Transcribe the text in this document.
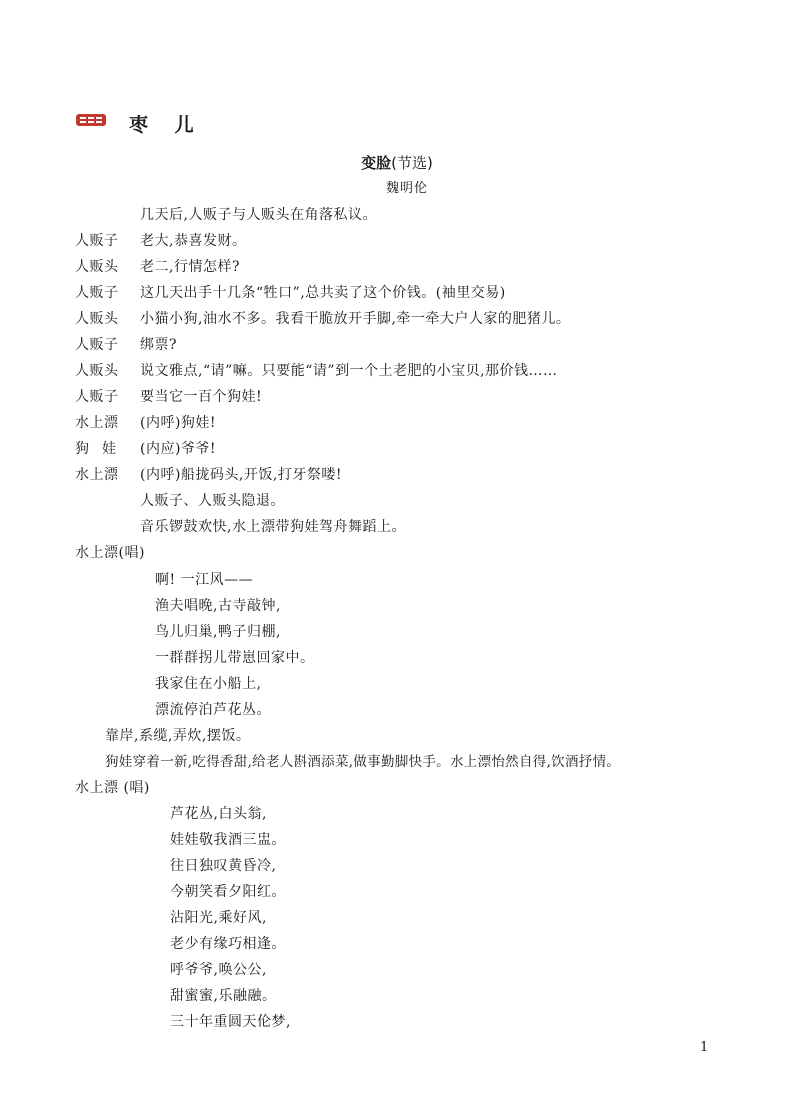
枣 儿
变脸(节选)
魏明伦
几天后,人贩子与人贩头在角落私议。
人贩子 老大,恭喜发财。
人贩头 老二,行情怎样?
人贩子 这几天出手十几条“牲口”,总共卖了这个价钱。(袖里交易)
人贩头 小猫小狗,油水不多。我看干脆放开手脚,牵一牵大户人家的肥猪儿。
人贩子 绑票?
人贩头 说文雅点,“请”嘛。只要能“请”到一个土老肥的小宝贝,那价钱……
人贩子 要当它一百个狗娃!
水上漂 (内呼)狗娃!
狗娃 (内应)爷爷!
水上漂 (内呼)船拢码头,开饭,打牙祭喽!
人贩子、人贩头隐退。
音乐锣鼓欢快,水上漂带狗娃驾舟舞蹈上。
水上漂(唱)
啊! 一江风——
渔夫唱晚,古寺敲钟,
鸟儿归巢,鸭子归棚,
一群群拐儿带崽回家中。
我家住在小船上,
漂流停泊芦花丛。
靠岸,系缆,弄炊,摆饭。
狗娃穿着一新,吃得香甜,给老人斟酒添菜,做事勤脚快手。水上漂怡然自得,饮酒抒情。
水上漂 (唱)
芦花丛,白头翁,
娃娃敬我酒三盅。
往日独叹黄昏冷,
今朝笑看夕阳红。
沾阳光,乘好风,
老少有缘巧相逢。
呼爷爷,唤公公,
甜蜜蜜,乐融融。
三十年重圆天伦梦,
1
